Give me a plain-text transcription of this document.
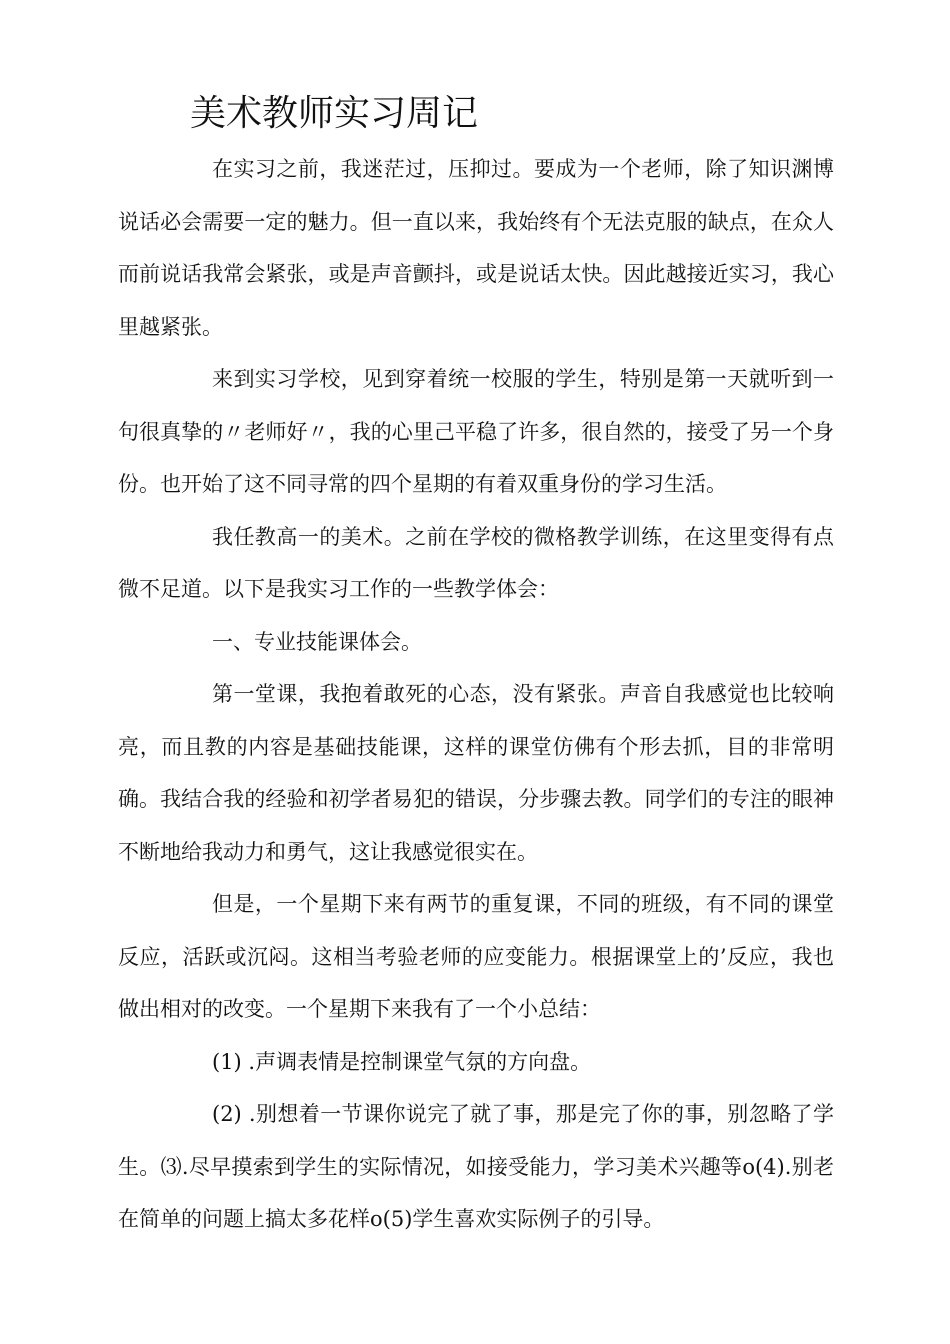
美术教师实习周记

在实习之前，我迷茫过，压抑过。要成为一个老师，除了知识渊博说话必会需要一定的魅力。但一直以来，我始终有个无法克服的缺点，在众人而前说话我常会紧张，或是声音颤抖，或是说话太快。因此越接近实习，我心里越紧张。

来到实习学校，见到穿着统一校服的学生，特别是第一天就听到一句很真挚的〃老师好〃，我的心里己平稳了许多，很自然的，接受了另一个身份。也开始了这不同寻常的四个星期的有着双重身份的学习生活。

我任教高一的美术。之前在学校的微格教学训练，在这里变得有点微不足道。以下是我实习工作的一些教学体会：

一、专业技能课体会。

第一堂课，我抱着敢死的心态，没有紧张。声音自我感觉也比较响亮，而且教的内容是基础技能课，这样的课堂仿佛有个形去抓，目的非常明确。我结合我的经验和初学者易犯的错误，分步骤去教。同学们的专注的眼神不断地给我动力和勇气，这让我感觉很实在。

但是，一个星期下来有两节的重复课，不同的班级，有不同的课堂反应，活跃或沉闷。这相当考验老师的应变能力。根据课堂上的’反应，我也做出相对的改变。一个星期下来我有了一个小总结：

(1) .声调表情是控制课堂气氛的方向盘。

(2) .别想着一节课你说完了就了事，那是完了你的事，别忽略了学生。⑶.尽早摸索到学生的实际情况，如接受能力，学习美术兴趣等o(4).别老在简单的问题上搞太多花样o(5)学生喜欢实际例子的引导。
